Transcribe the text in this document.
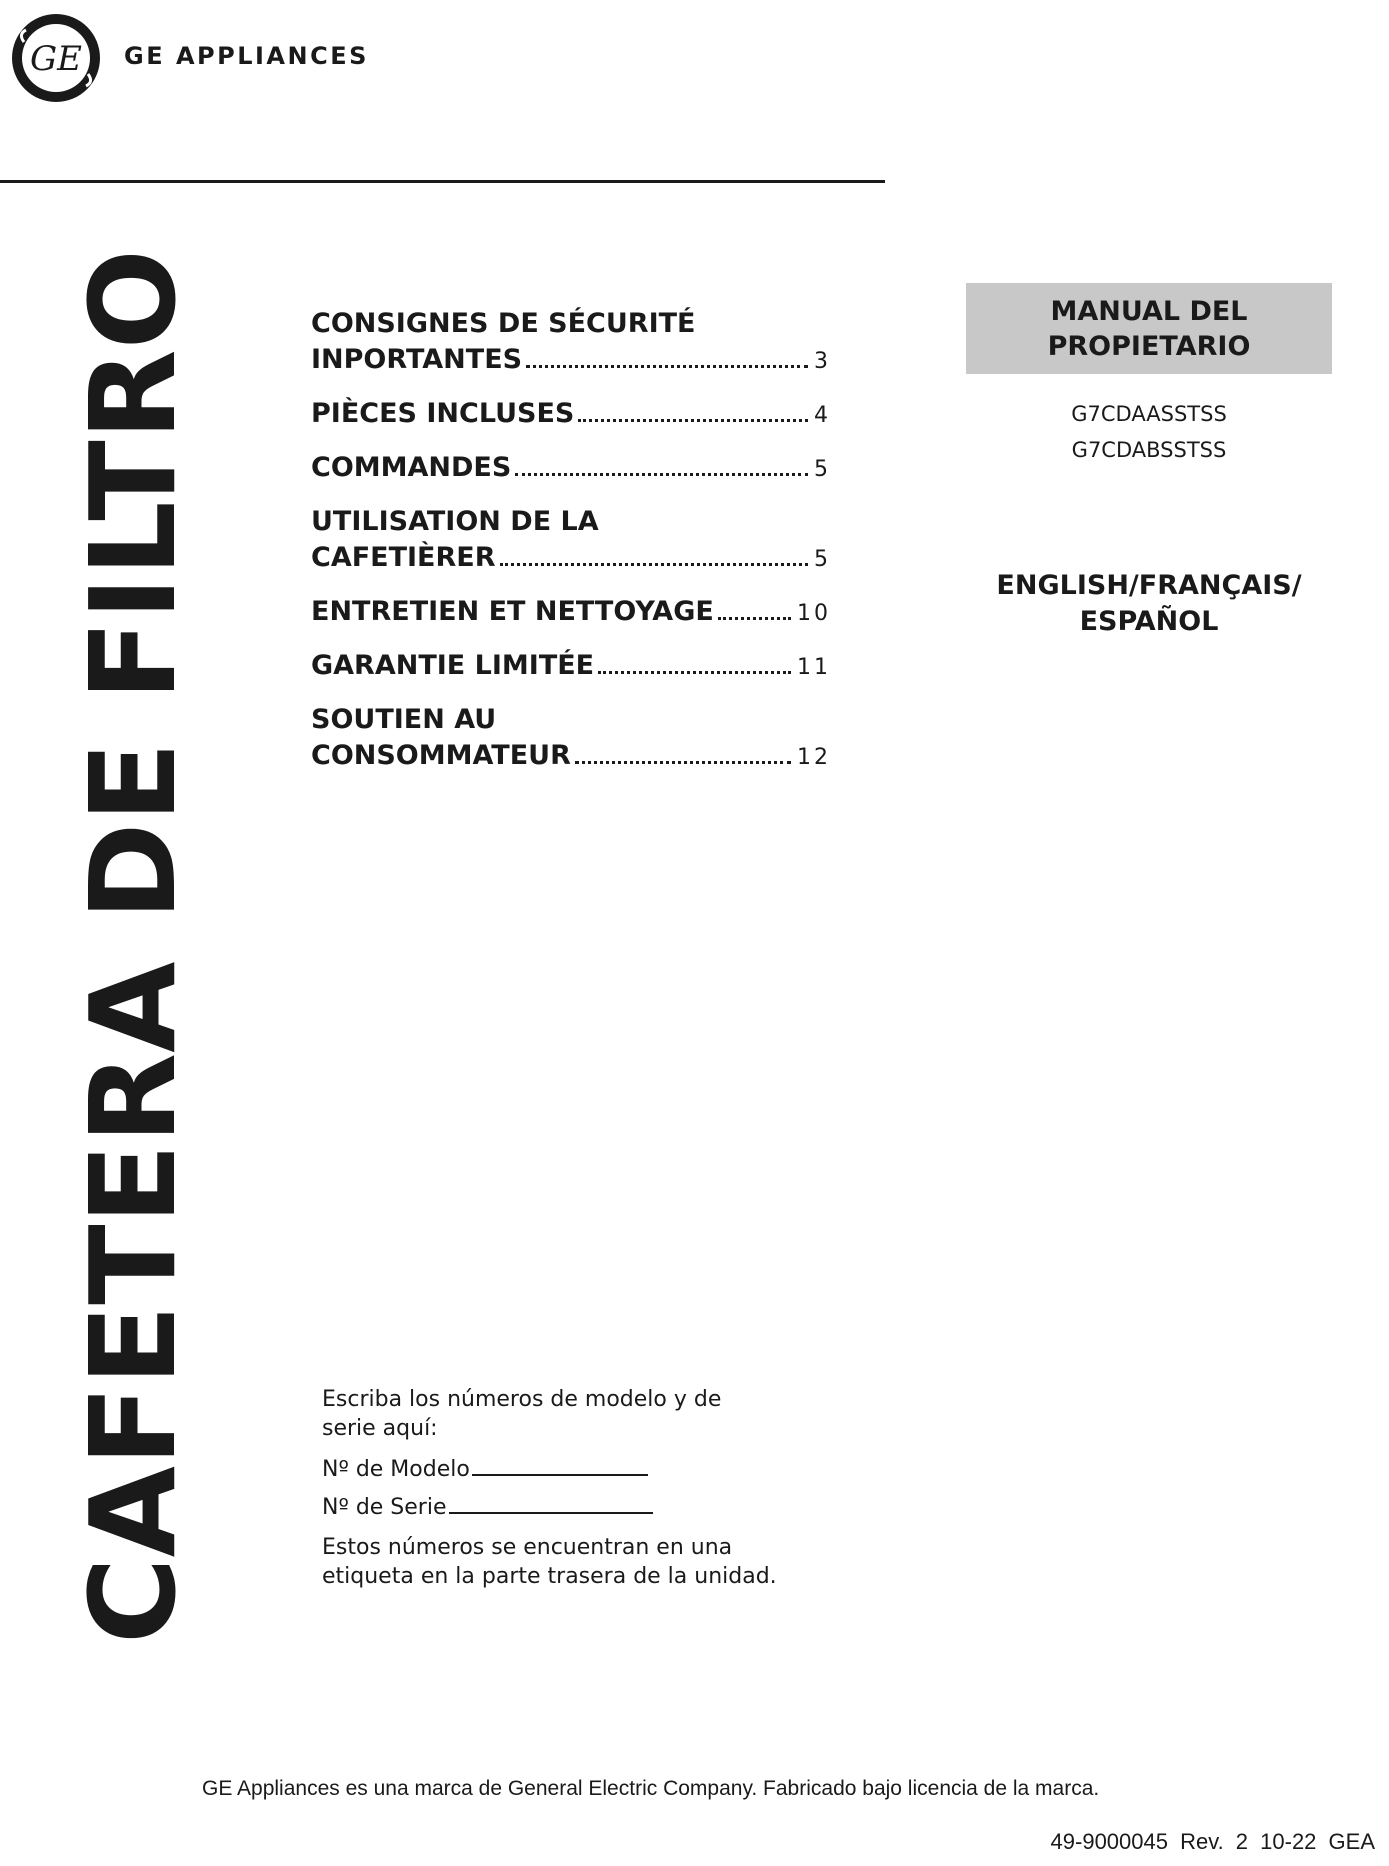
GE GE APPLIANCES
CAFETERA DE FILTRO	CONSIGNES DE SÉCURITÉ
INPORTANTES	3
PIÈCES INCLUSES	4
COMMANDES	5
UTILISATION DE LA
CAFETIÈRER	5
ENTRETIEN ET NETTOYAGE	10
GARANTIE LIMITÉE	11
SOUTIEN AU
CONSOMMATEUR	12
MANUAL DEL
PROPIETARIO
G7CDAASSTSS
G7CDABSSTSS
ENGLISH/FRANÇAIS/
ESPAÑOL
Escriba los números de modelo y de
serie aquí:
Nº de Modelo
Nº de Serie
Estos números se encuentran en una
etiqueta en la parte trasera de la unidad.
GE Appliances es una marca de General Electric Company. Fabricado bajo licencia de la marca.
49-9000045 Rev. 2 10-22 GEA
